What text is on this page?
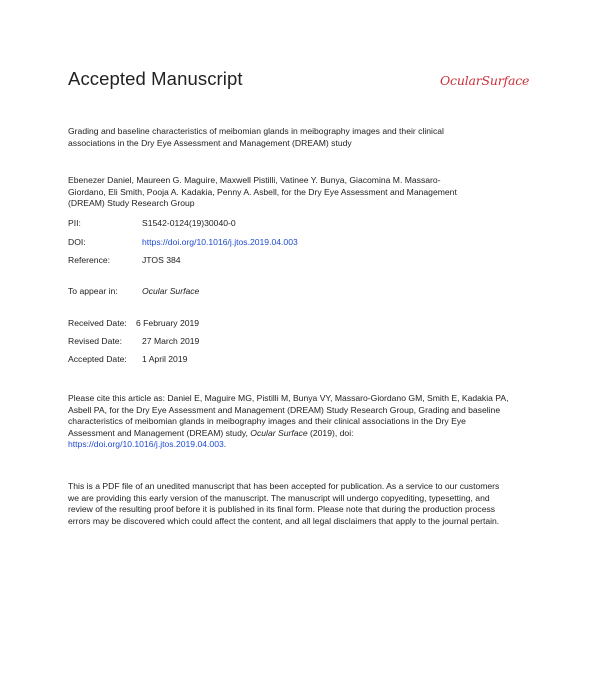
Accepted Manuscript	OcularSurface
Grading and baseline characteristics of meibomian glands in meibography images and their clinical associations in the Dry Eye Assessment and Management (DREAM) study
Ebenezer Daniel, Maureen G. Maguire, Maxwell Pistilli, Vatinee Y. Bunya, Giacomina M. Massaro-Giordano, Eli Smith, Pooja A. Kadakia, Penny A. Asbell, for the Dry Eye Assessment and Management (DREAM) Study Research Group
PII:	S1542-0124(19)30040-0
DOI:	https://doi.org/10.1016/j.jtos.2019.04.003
Reference:	JTOS 384
To appear in:	Ocular Surface
Received Date: 6 February 2019
Revised Date: 27 March 2019
Accepted Date: 1 April 2019
Please cite this article as: Daniel E, Maguire MG, Pistilli M, Bunya VY, Massaro-Giordano GM, Smith E, Kadakia PA, Asbell PA, for the Dry Eye Assessment and Management (DREAM) Study Research Group, Grading and baseline characteristics of meibomian glands in meibography images and their clinical associations in the Dry Eye Assessment and Management (DREAM) study, Ocular Surface (2019), doi: https://doi.org/10.1016/j.jtos.2019.04.003.
This is a PDF file of an unedited manuscript that has been accepted for publication. As a service to our customers we are providing this early version of the manuscript. The manuscript will undergo copyediting, typesetting, and review of the resulting proof before it is published in its final form. Please note that during the production process errors may be discovered which could affect the content, and all legal disclaimers that apply to the journal pertain.
